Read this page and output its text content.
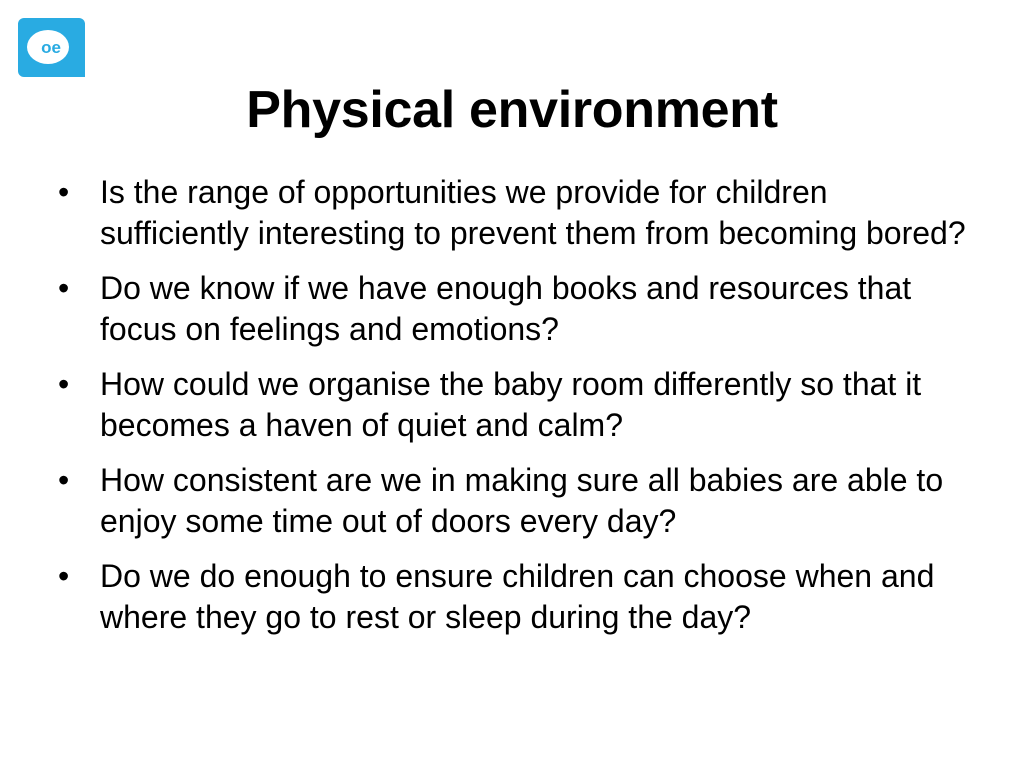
oe
Physical environment
• Is the range of opportunities we provide for children sufficiently interesting to prevent them from becoming bored?
• Do we know if we have enough books and resources that focus on feelings and emotions?
• How could we organise the baby room differently so that it becomes a haven of quiet and calm?
• How consistent are we in making sure all babies are able to enjoy some time out of doors every day?
• Do we do enough to ensure children can choose when and where they go to rest or sleep during the day?
